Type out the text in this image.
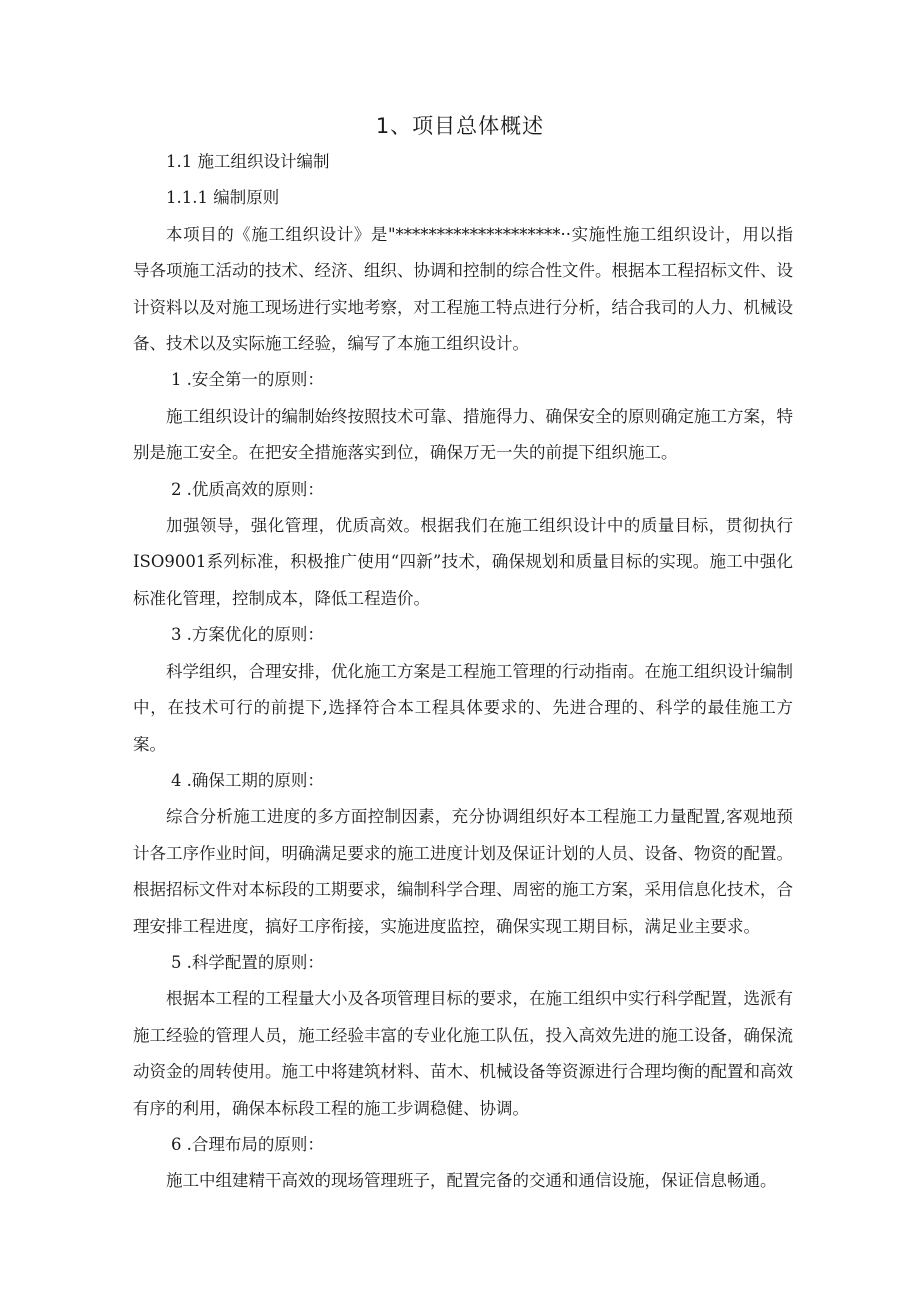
1、项目总体概述

1.1 施工组织设计编制

1.1.1 编制原则

本项目的《施工组织设计》是"********************··实施性施工组织设计，用以指导各项施工活动的技术、经济、组织、协调和控制的综合性文件。根据本工程招标文件、设计资料以及对施工现场进行实地考察，对工程施工特点进行分析，结合我司的人力、机械设备、技术以及实际施工经验，编写了本施工组织设计。

1 .安全第一的原则：

施工组织设计的编制始终按照技术可靠、措施得力、确保安全的原则确定施工方案，特别是施工安全。在把安全措施落实到位，确保万无一失的前提下组织施工。

2 .优质高效的原则：

加强领导，强化管理，优质高效。根据我们在施工组织设计中的质量目标，贯彻执行ISO9001系列标准，积极推广使用“四新”技术，确保规划和质量目标的实现。施工中强化标准化管理，控制成本，降低工程造价。

3 .方案优化的原则：

科学组织，合理安排，优化施工方案是工程施工管理的行动指南。在施工组织设计编制中，在技术可行的前提下,选择符合本工程具体要求的、先进合理的、科学的最佳施工方案。

4 .确保工期的原则：

综合分析施工进度的多方面控制因素，充分协调组织好本工程施工力量配置,客观地预计各工序作业时间，明确满足要求的施工进度计划及保证计划的人员、设备、物资的配置。根据招标文件对本标段的工期要求，编制科学合理、周密的施工方案，采用信息化技术，合理安排工程进度，搞好工序衔接，实施进度监控，确保实现工期目标，满足业主要求。

5 .科学配置的原则：

根据本工程的工程量大小及各项管理目标的要求，在施工组织中实行科学配置，选派有施工经验的管理人员，施工经验丰富的专业化施工队伍，投入高效先进的施工设备，确保流动资金的周转使用。施工中将建筑材料、苗木、机械设备等资源进行合理均衡的配置和高效有序的利用，确保本标段工程的施工步调稳健、协调。

6 .合理布局的原则：

施工中组建精干高效的现场管理班子，配置完备的交通和通信设施，保证信息畅通。
